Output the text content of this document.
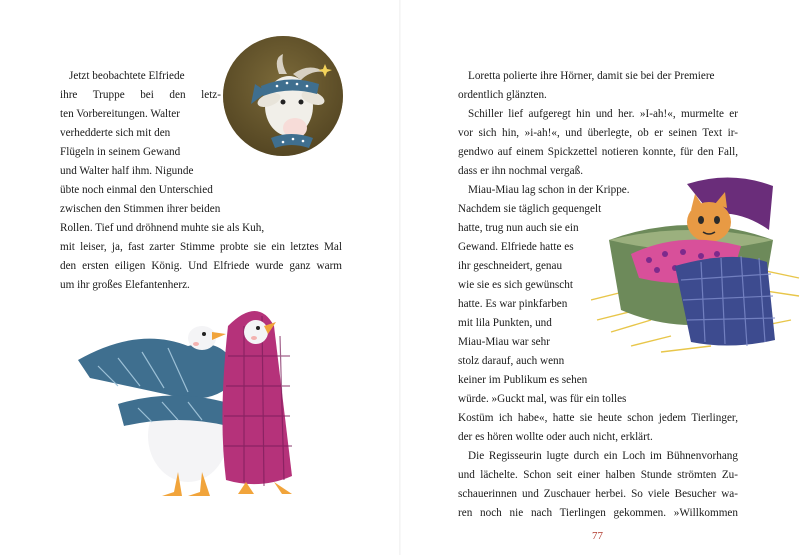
Jetzt beobachtete Elfriede
ihre Truppe bei den letz-
ten Vorbereitungen. Walter
verhedderte sich mit den
Flügeln in seinem Gewand
und Walter half ihm. Nigunde
übte noch einmal den Unterschied
zwischen den Stimmen ihrer beiden
Rollen. Tief und dröhnend muhte sie als Kuh,
mit leiser, ja, fast zarter Stimme probte sie ein letztes Mal
den ersten eiligen König. Und Elfriede wurde ganz warm
um ihr großes Elefantenherz.
Loretta polierte ihre Hörner, damit sie bei der Premiere
ordentlich glänzten.
Schiller lief aufgeregt hin und her. »I-ah!«, murmelte er
vor sich hin, »i-ah!«, und überlegte, ob er seinen Text ir-
gendwo auf einem Spickzettel notieren konnte, für den Fall,
dass er ihn nochmal vergaß.
Miau-Miau lag schon in der Krippe.
Nachdem sie täglich gequengelt
hatte, trug nun auch sie ein
Gewand. Elfriede hatte es
ihr geschneidert, genau
wie sie es sich gewünscht
hatte. Es war pinkfarben
mit lila Punkten, und
Miau-Miau war sehr
stolz darauf, auch wenn
keiner im Publikum es sehen
würde. »Guckt mal, was für ein tolles
Kostüm ich habe«, hatte sie heute schon jedem Tierlinger,
der es hören wollte oder auch nicht, erklärt.
Die Regisseurin lugte durch ein Loch im Bühnenvorhang
und lächelte. Schon seit einer halben Stunde strömten Zu-
schauerinnen und Zuschauer herbei. So viele Besucher wa-
ren noch nie nach Tierlingen gekommen. »Willkommen
77
